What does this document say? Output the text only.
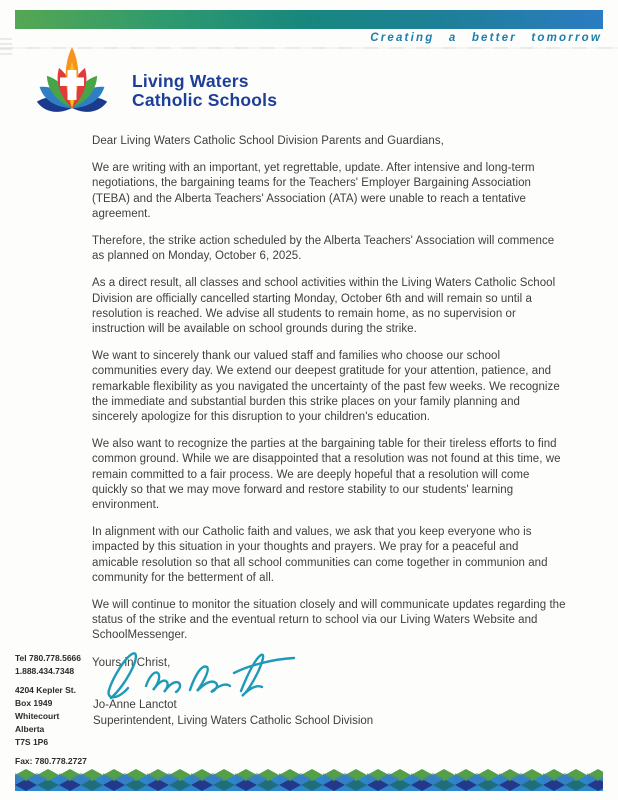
Creating a better tomorrow
Living Waters
Catholic Schools

Dear Living Waters Catholic School Division Parents and Guardians,

We are writing with an important, yet regrettable, update. After intensive and long-term negotiations, the bargaining teams for the Teachers' Employer Bargaining Association (TEBA) and the Alberta Teachers' Association (ATA) were unable to reach a tentative agreement.

Therefore, the strike action scheduled by the Alberta Teachers' Association will commence as planned on Monday, October 6, 2025.

As a direct result, all classes and school activities within the Living Waters Catholic School Division are officially cancelled starting Monday, October 6th and will remain so until a resolution is reached. We advise all students to remain home, as no supervision or instruction will be available on school grounds during the strike.

We want to sincerely thank our valued staff and families who choose our school communities every day. We extend our deepest gratitude for your attention, patience, and remarkable flexibility as you navigated the uncertainty of the past few weeks. We recognize the immediate and substantial burden this strike places on your family planning and sincerely apologize for this disruption to your children's education.

We also want to recognize the parties at the bargaining table for their tireless efforts to find common ground. While we are disappointed that a resolution was not found at this time, we remain committed to a fair process. We are deeply hopeful that a resolution will come quickly so that we may move forward and restore stability to our students' learning environment.

In alignment with our Catholic faith and values, we ask that you keep everyone who is impacted by this situation in your thoughts and prayers. We pray for a peaceful and amicable resolution so that all school communities can come together in communion and community for the betterment of all.

We will continue to monitor the situation closely and will communicate updates regarding the status of the strike and the eventual return to school via our Living Waters Website and SchoolMessenger.

Yours in Christ,

Jo-Anne Lanctot
Superintendent, Living Waters Catholic School Division
Tel 780.778.5666
1.888.434.7348
4204 Kepler St.
Box 1949
Whitecourt
Alberta
T7S 1P6
Fax: 780.778.2727
